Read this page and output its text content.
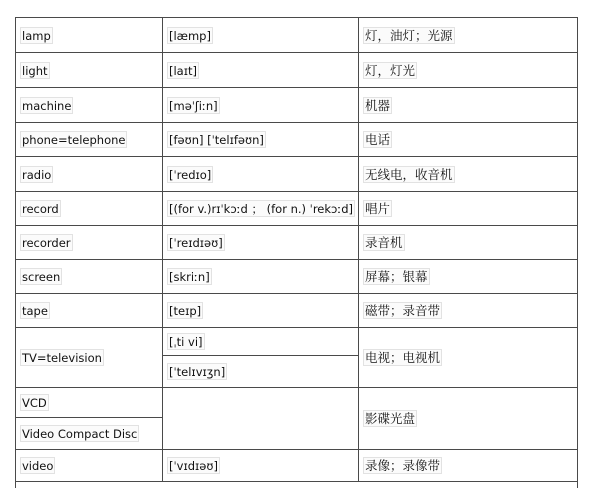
lamp	[læmp]	灯，油灯；光源
light	[laɪt]	灯，灯光
machine	[məˈʃiːn]	机器
phone=telephone	[fəʊn] [ˈtelɪfəʊn]	电话
radio	[ˈredɪo]	无线电，收音机
record	[(for v.)rɪˈkɔːd ； (for n.) ˈrekɔːd]	唱片
recorder	[ˈreɪdɪəʊ]	录音机
screen	[skriːn]	屏幕；银幕
tape	[teɪp]	磁带；录音带
TV=television	[ˌti vi]	电视；电视机
	[ˈtelɪvɪʒn]	
VCD		影碟光盘
Video Compact Disc		
video	[ˈvɪdɪəʊ]	录像；录像带
